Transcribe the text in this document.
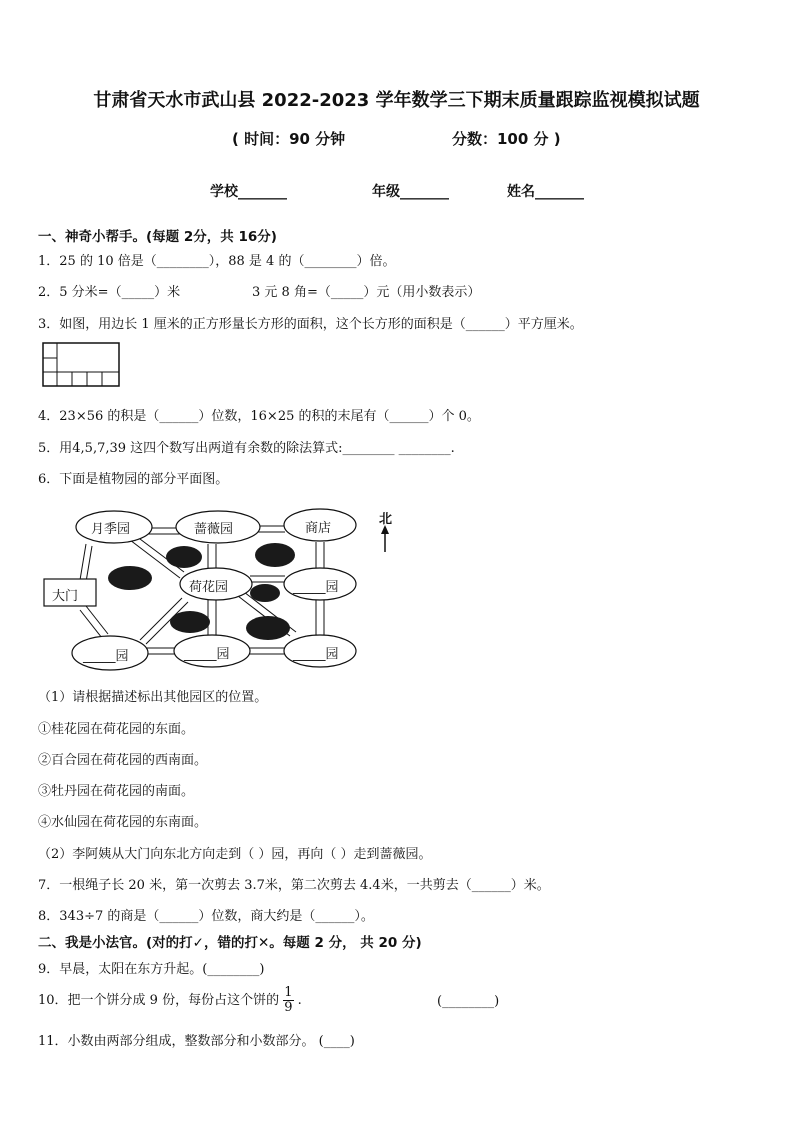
甘肃省天水市武山县 2022-2023 学年数学三下期末质量跟踪监视模拟试题
( 时间：90 分钟	分数：100 分 )
学校_______	年级_______	姓名_______
一、神奇小帮手。(每题 2分，共 16分)
1．25 的 10 倍是（________），88 是 4 的（________）倍。
2．5 分米=（_____）米	3 元 8 角=（_____）元（用小数表示）
3．如图，用边长 1 厘米的正方形量长方形的面积，这个长方形的面积是（______）平方厘米。
4．23×56 的积是（______）位数，16×25 的积的末尾有（______）个 0。
5．用4,5,7,39 这四个数写出两道有余数的除法算式:________ ________.
6．下面是植物园的部分平面图。
月季园	蔷薇园	商店
荷花园	_____园
大门
_____园	_____园	_____园
北
（1）请根据描述标出其他园区的位置。
①桂花园在荷花园的东面。
②百合园在荷花园的西南面。
③牡丹园在荷花园的南面。
④水仙园在荷花园的东南面。
（2）李阿姨从大门向东北方向走到（ ）园，再向（ ）走到蔷薇园。
7．一根绳子长 20 米，第一次剪去 3.7米，第二次剪去 4.4米，一共剪去（______）米。
8．343÷7 的商是（______）位数，商大约是（______）。
二、我是小法官。(对的打✓，错的打✕。每题 2 分， 共 20 分)
9．早晨，太阳在东方升起。(________)
10．把一个饼分成 9 份，每份占这个饼的 $\frac{1}{9}$ .	(________)
11．小数由两部分组成，整数部分和小数部分。 (____)
